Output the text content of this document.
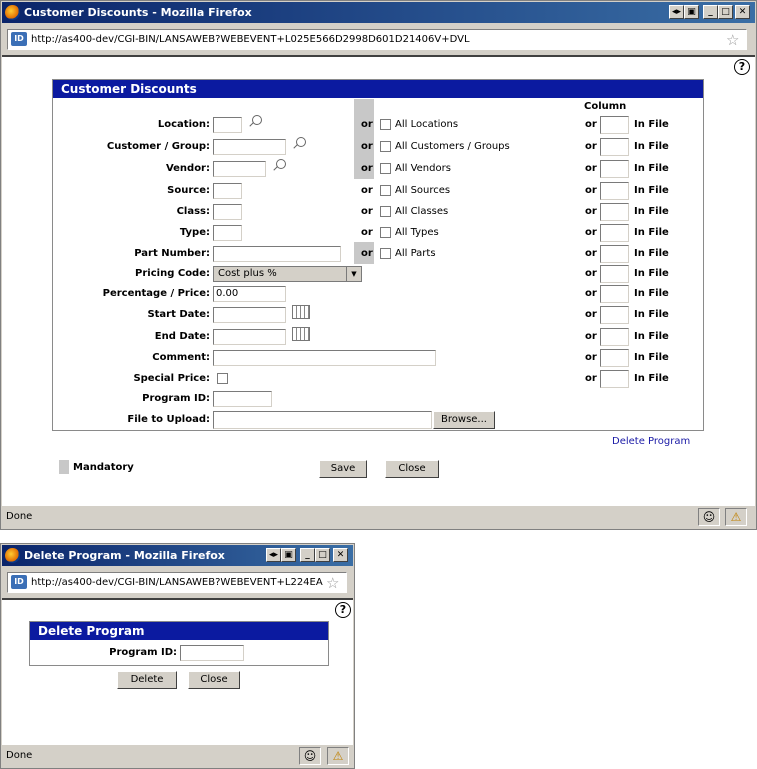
Customer Discounts - Mozilla Firefox	◂▸ ▣	_ □ ✕
ID http://as400-dev/CGI-BIN/LANSAWEB?WEBEVENT+L025E566D2998D601D21406V+DVL	☆
?
Customer Discounts
Column
Location:	or All Locations	or	In File
Customer / Group:	or All Customers / Groups	or	In File
Vendor:	or All Vendors	or	In File
Source:	or All Sources	or	In File
Class:	or All Classes	or	In File
Type:	or All Types	or	In File
Part Number:	or All Parts	or	In File
Pricing Code: Cost plus %	▼	or	In File
Percentage / Price: 0.00	or	In File
Start Date:	or	In File
End Date:	or	In File
Comment:	or	In File
Special Price:	or	In File
Program ID:
File to Upload:	Browse...
Delete Program
Mandatory	Save	Close
Done	☺	⚠
Delete Program - Mozilla Firefox	◂▸ ▣	_ □	✕
ID http://as400-dev/CGI-BIN/LANSAWEB?WEBEVENT+L224EA ☆
?
Delete Program
Program ID:
Delete	Close
Done	☺	⚠
